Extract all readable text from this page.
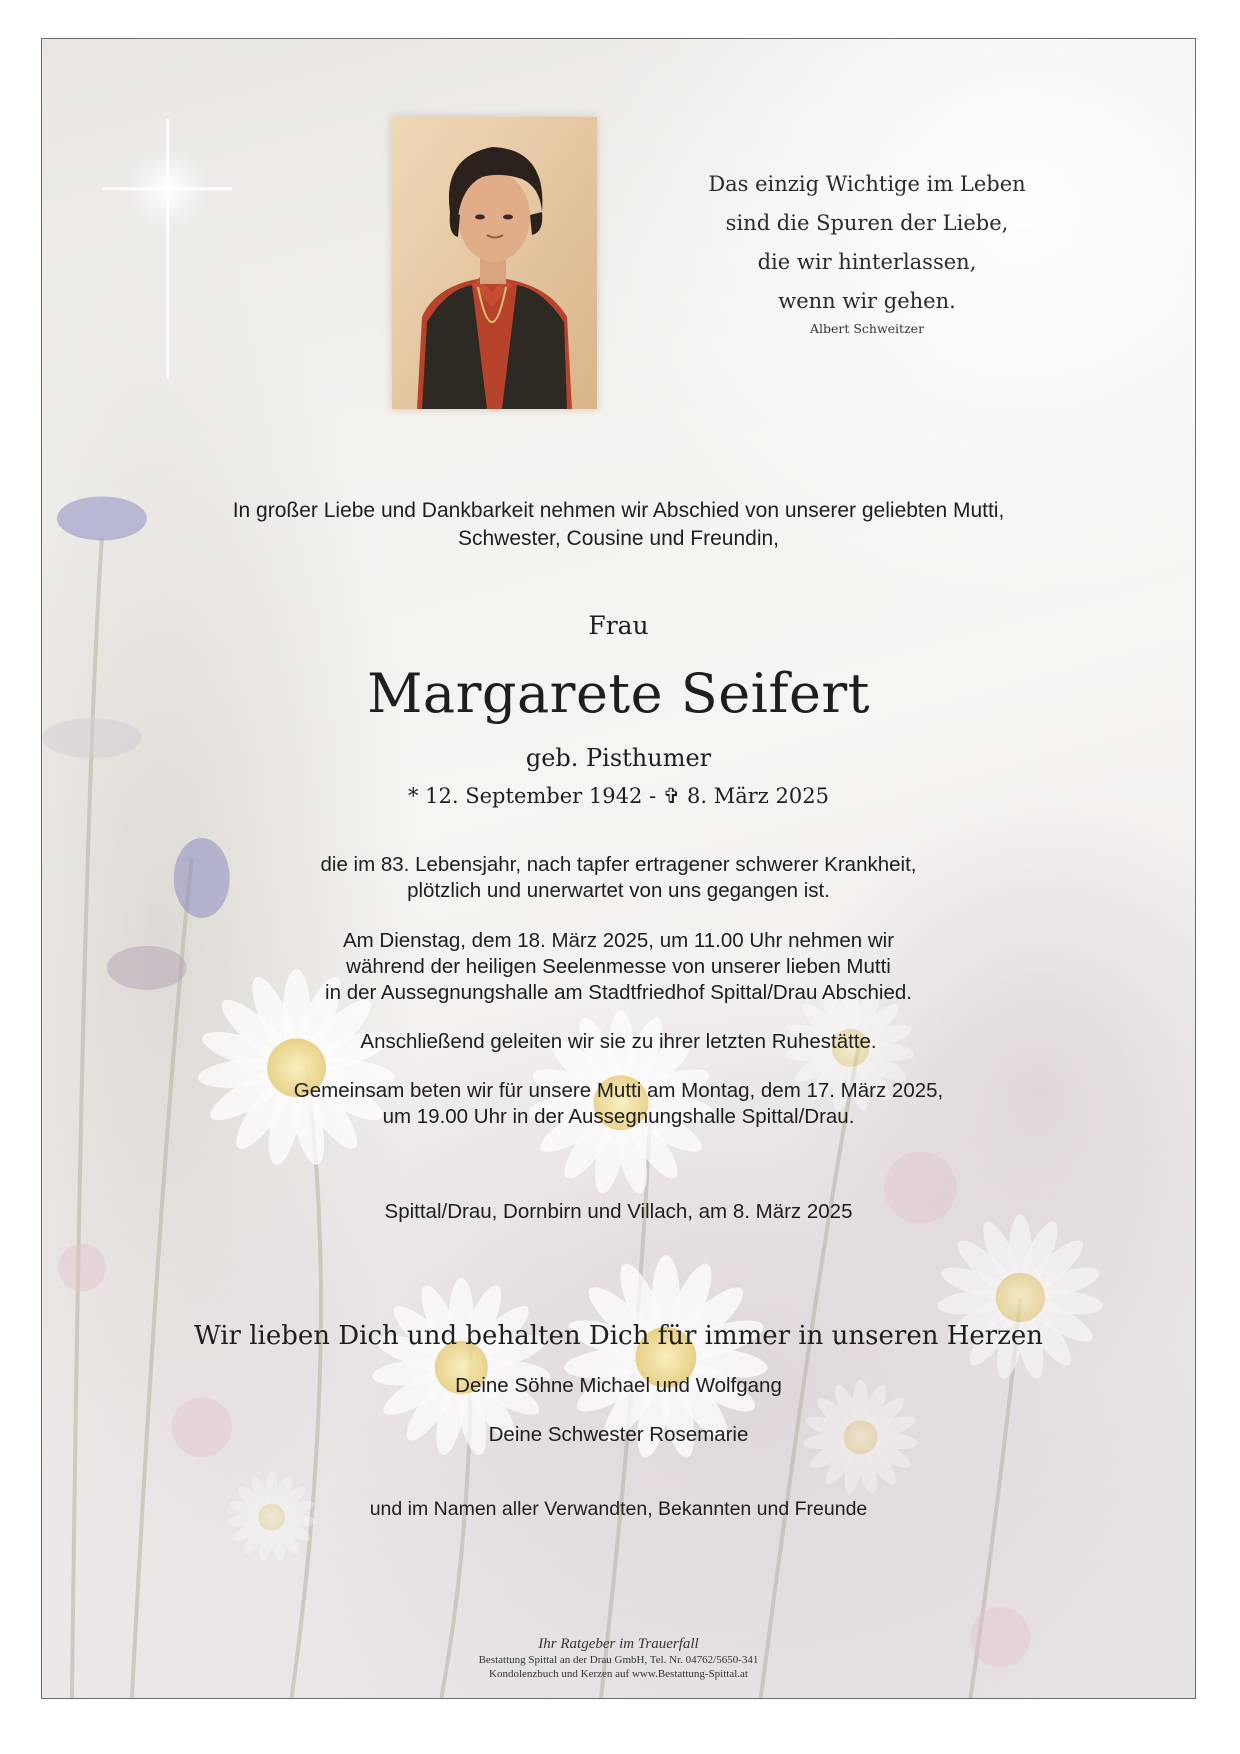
Das einzig Wichtige im Leben
sind die Spuren der Liebe,
die wir hinterlassen,
wenn wir gehen.
Albert Schweitzer
In großer Liebe und Dankbarkeit nehmen wir Abschied von unserer geliebten Mutti,
Schwester, Cousine und Freundin,
Frau
Margarete Seifert
geb. Pisthumer
* 12. September 1942 - ✞ 8. März 2025
die im 83. Lebensjahr, nach tapfer ertragener schwerer Krankheit,
plötzlich und unerwartet von uns gegangen ist.
Am Dienstag, dem 18. März 2025, um 11.00 Uhr nehmen wir
während der heiligen Seelenmesse von unserer lieben Mutti
in der Aussegnungshalle am Stadtfriedhof Spittal/Drau Abschied.
Anschließend geleiten wir sie zu ihrer letzten Ruhestätte.
Gemeinsam beten wir für unsere Mutti am Montag, dem 17. März 2025,
um 19.00 Uhr in der Aussegnungshalle Spittal/Drau.
Spittal/Drau, Dornbirn und Villach, am 8. März 2025
Wir lieben Dich und behalten Dich für immer in unseren Herzen
Deine Söhne Michael und Wolfgang
Deine Schwester Rosemarie
und im Namen aller Verwandten, Bekannten und Freunde
Ihr Ratgeber im Trauerfall
Bestattung Spittal an der Drau GmbH, Tel. Nr. 04762/5650-341
Kondolenzbuch und Kerzen auf www.Bestattung-Spittal.at
